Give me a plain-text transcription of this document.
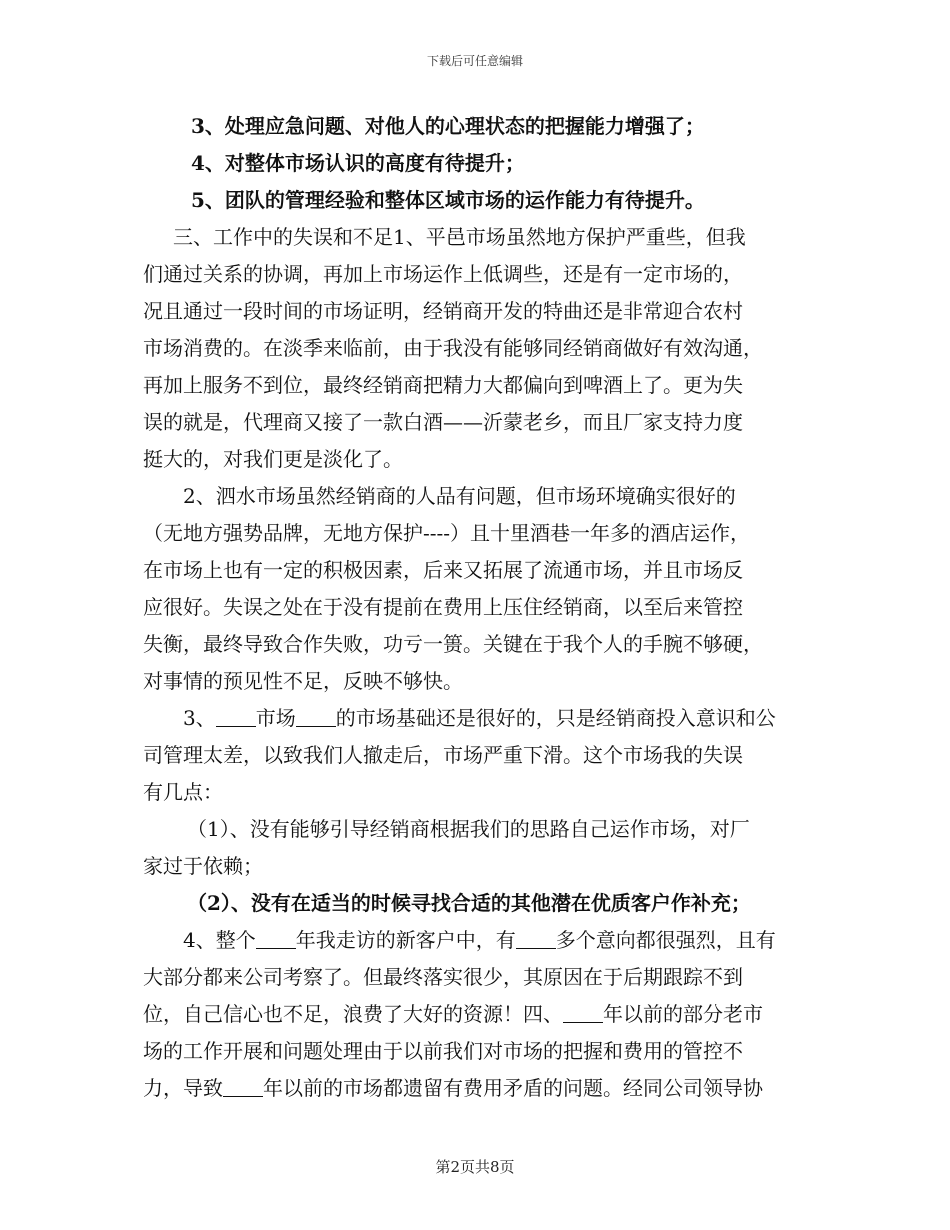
下载后可任意编辑
3、处理应急问题、对他人的心理状态的把握能力增强了；
4、对整体市场认识的高度有待提升；
5、团队的管理经验和整体区域市场的运作能力有待提升。
三、工作中的失误和不足1、平邑市场虽然地方保护严重些，但我
们通过关系的协调，再加上市场运作上低调些，还是有一定市场的，
况且通过一段时间的市场证明，经销商开发的特曲还是非常迎合农村
市场消费的。在淡季来临前，由于我没有能够同经销商做好有效沟通，
再加上服务不到位，最终经销商把精力大都偏向到啤酒上了。更为失
误的就是，代理商又接了一款白酒——沂蒙老乡，而且厂家支持力度
挺大的，对我们更是淡化了。
2、泗水市场虽然经销商的人品有问题，但市场环境确实很好的
（无地方强势品牌，无地方保护----）且十里酒巷一年多的酒店运作，
在市场上也有一定的积极因素，后来又拓展了流通市场，并且市场反
应很好。失误之处在于没有提前在费用上压住经销商，以至后来管控
失衡，最终导致合作失败，功亏一篑。关键在于我个人的手腕不够硬，
对事情的预见性不足，反映不够快。
3、 市场 的市场基础还是很好的，只是经销商投入意识和公
司管理太差，以致我们人撤走后，市场严重下滑。这个市场我的失误
有几点：
（1）、没有能够引导经销商根据我们的思路自己运作市场，对厂
家过于依赖；
（2）、没有在适当的时候寻找合适的其他潜在优质客户作补充；
4、整个 年我走访的新客户中，有 多个意向都很强烈，且有
大部分都来公司考察了。但最终落实很少，其原因在于后期跟踪不到
位，自己信心也不足，浪费了大好的资源！四、 年以前的部分老市
场的工作开展和问题处理由于以前我们对市场的把握和费用的管控不
力，导致 年以前的市场都遗留有费用矛盾的问题。经同公司领导协
第2页共8页
